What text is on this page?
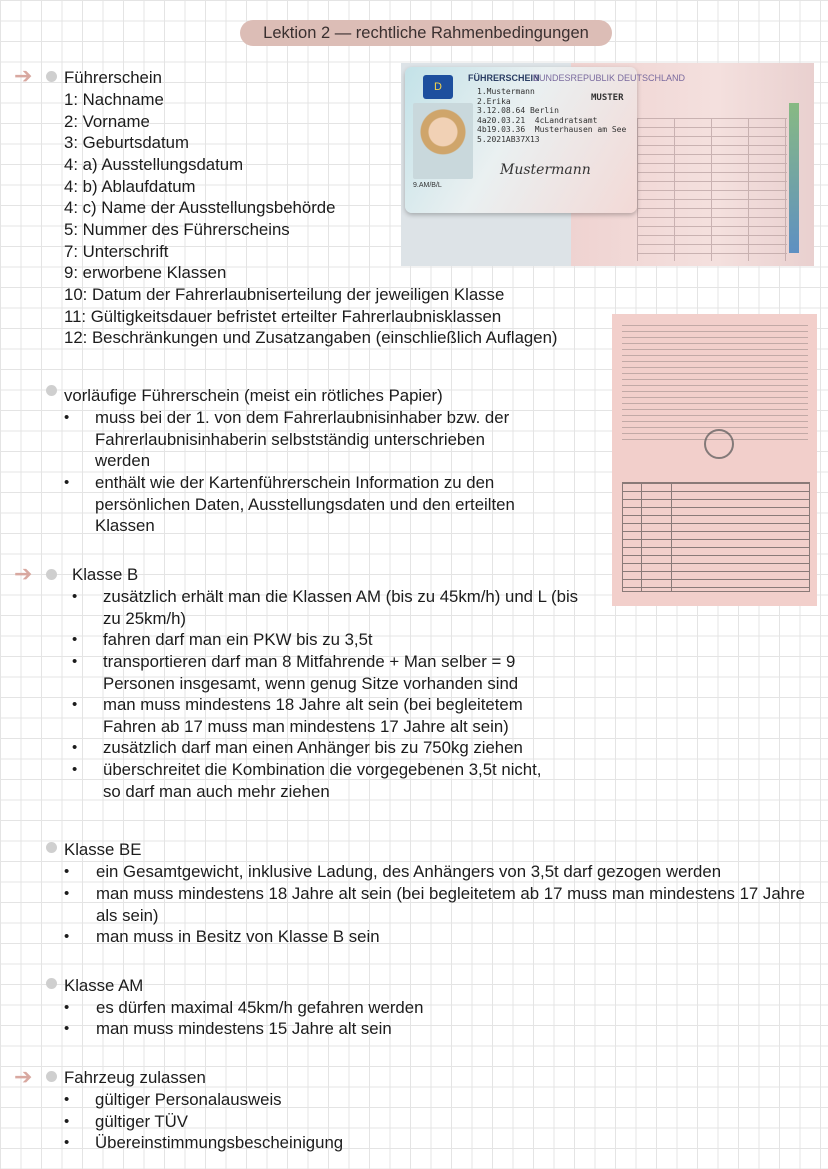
Lektion 2 — rechtliche Rahmenbedingungen
➔ Führerschein
1: Nachname
2: Vorname
3: Geburtsdatum
4: a) Ausstellungsdatum
4: b) Ablaufdatum
4: c) Name der Ausstellungsbehörde
5: Nummer des Führerscheins
7: Unterschrift
9: erworbene Klassen
10: Datum der Fahrerlaubniserteilung der jeweiligen Klasse
11: Gültigkeitsdauer befristet erteilter Fahrerlaubnisklassen
12: Beschränkungen und Zusatzangaben (einschließlich Auflagen)
D
FÜHRERSCHEIN
BUNDESREPUBLIK DEUTSCHLAND
1.Mustermann
2.Erika
3.12.08.64 Berlin
4a20.03.21  4cLandratsamt
4b19.03.36  Musterhausen am See
5.2021AB37X13
MUSTER
Mustermann
9.AM/B/L
vorläufige Führerschein (meist ein rötliches Papier)
• muss bei der 1. von dem Fahrerlaubnisinhaber bzw. der Fahrerlaubnisinhaberin selbstständig unterschrieben werden
• enthält wie der Kartenführerschein Information zu den persönlichen Daten, Ausstellungsdaten und den erteilten Klassen
➔ Klasse B
• zusätzlich erhält man die Klassen AM (bis zu 45km/h) und L (bis zu 25km/h)
• fahren darf man ein PKW bis zu 3,5t
• transportieren darf man 8 Mitfahrende + Man selber = 9 Personen insgesamt, wenn genug Sitze vorhanden sind
• man muss mindestens 18 Jahre alt sein (bei begleitetem Fahren ab 17 muss man mindestens 17 Jahre alt sein)
• zusätzlich darf man einen Anhänger bis zu 750kg ziehen
• überschreitet die Kombination die vorgegebenen 3,5t nicht, so darf man auch mehr ziehen
Klasse BE
• ein Gesamtgewicht, inklusive Ladung, des Anhängers von 3,5t darf gezogen werden
• man muss mindestens 18 Jahre alt sein (bei begleitetem ab 17 muss man mindestens 17 Jahre als sein)
• man muss in Besitz von Klasse B sein
Klasse AM
• es dürfen maximal 45km/h gefahren werden
• man muss mindestens 15 Jahre alt sein
➔ Fahrzeug zulassen
• gültiger Personalausweis
• gültiger TÜV
• Übereinstimmungsbescheinigung
